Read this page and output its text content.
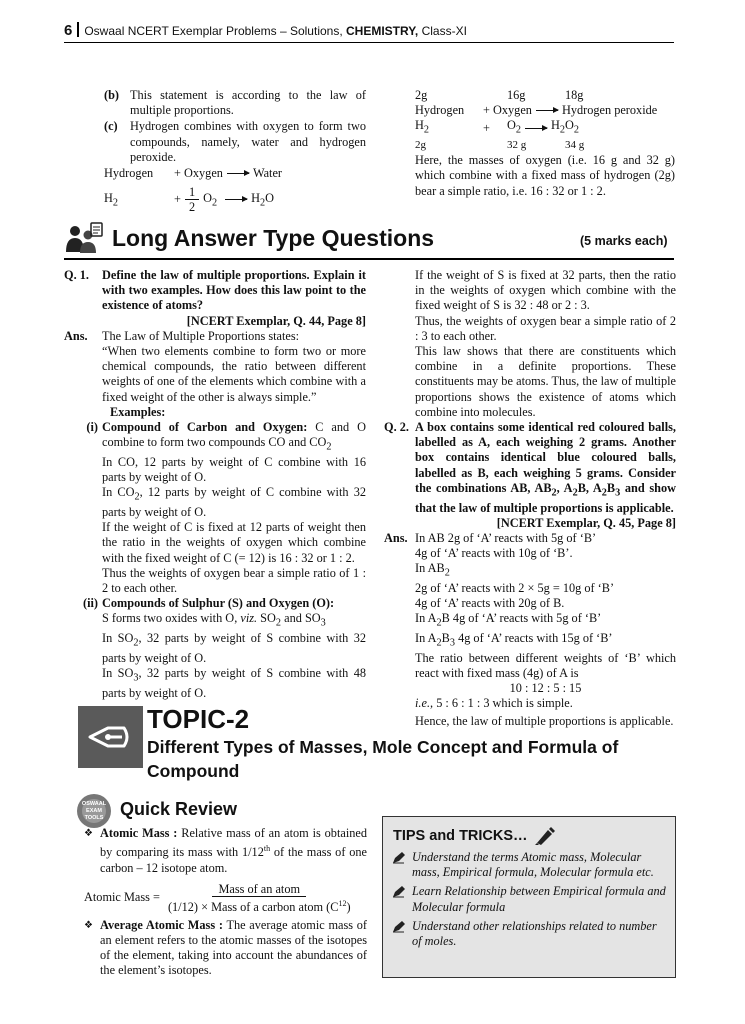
6 Oswaal NCERT Exemplar Problems – Solutions, CHEMISTRY, Class-XI
(b) This statement is according to the law of multiple proportions.
(c)	Hydrogen combines with oxygen to form two compounds, namely, water and hydrogen peroxide.
Hydrogen	+ Oxygen → Water
$H_2$	+ $\frac{1}{2} O_2 \to H_2O$
2g	16g	18g
Hydrogen	+ Oxygen → Hydrogen peroxide
$H_2$	+	$O_2 \to H_2O_2$
2g	32 g	34 g
Here, the masses of oxygen (i.e. 16 g and 32 g) which combine with a fixed mass of hydrogen (2g) bear a simple ratio, i.e. 16 : 32 or 1 : 2.
Long Answer Type Questions	(5 marks each)
Q. 1.	Define the law of multiple proportions. Explain it with two examples. How does this law point to the existence of atoms?
[NCERT Exemplar, Q. 44, Page 8]
Ans.	The Law of Multiple Proportions states:
“When two elements combine to form two or more chemical compounds, the ratio between different weights of one of the elements which combine with a fixed weight of the other is always simple.”
Examples:
(i) Compound of Carbon and Oxygen: C and O combine to form two compounds CO and $CO_2$
In CO, 12 parts by weight of C combine with 16 parts by weight of O.
In $CO_2$, 12 parts by weight of C combine with 32 parts by weight of O.
If the weight of C is fixed at 12 parts of weight then the ratio in the weights of oxygen which combine with the fixed weight of C (= 12) is 16 : 32 or 1 : 2.
Thus the weights of oxygen bear a simple ratio of 1 : 2 to each other.
(ii) Compounds of Sulphur (S) and Oxygen (O):
S forms two oxides with O, viz. $SO_2$ and $SO_3$
In $SO_2$, 32 parts by weight of S combine with 32 parts by weight of O.
In $SO_3$, 32 parts by weight of S combine with 48 parts by weight of O.
If the weight of S is fixed at 32 parts, then the ratio in the weights of oxygen which combine with the fixed weight of S is 32 : 48 or 2 : 3.
Thus, the weights of oxygen bear a simple ratio of 2 : 3 to each other.
This law shows that there are constituents which combine in a definite proportions. These constituents may be atoms. Thus, the law of multiple proportions shows the existence of atoms which combine into molecules.
Q. 2. A box contains some identical red coloured balls, labelled as A, each weighing 2 grams. Another box contains identical blue coloured balls, labelled as B, each weighing 5 grams. Consider the combinations AB, $AB_2$, $A_2B$, $A_2B_3$ and show that the law of multiple proportions is applicable.
[NCERT Exemplar, Q. 45, Page 8]
Ans. In AB 2g of ‘A’ reacts with 5g of ‘B’
4g of ‘A’ reacts with 10g of ‘B’.
In $AB_2$
2g of ‘A’ reacts with 2 × 5g = 10g of ‘B’
4g of ‘A’ reacts with 20g of B.
In $A_2B$ 4g of ‘A’ reacts with 5g of ‘B’
In $A_2B_3$ 4g of ‘A’ reacts with 15g of ‘B’
The ratio between different weights of ‘B’ which react with fixed mass (4g) of A is
10 : 12 : 5 : 15
i.e., 5 : 6 : 1 : 3 which is simple.
Hence, the law of multiple proportions is applicable.
TOPIC-2
Different Types of Masses, Mole Concept and Formula of Compound
OSWAAL
EXAM
TOOLS Quick Review
❖ Atomic Mass : Relative mass of an atom is obtained by comparing its mass with 1/12th of the mass of one carbon – 12 isotope atom.
Atomic Mass = $\frac{\text{Mass of an atom}}{(1/12) \times Mass of a carbon atom (C^{12})}$
❖ Average Atomic Mass : The average atomic mass of an element refers to the atomic masses of the isotopes of the element, taking into account the abundances of the element’s isotopes.
TIPS and TRICKS…
Understand the terms Atomic mass, Molecular mass, Empirical formula, Molecular formula etc.
Learn Relationship between Empirical formula and Molecular formula
Understand other relationships related to number of moles.
